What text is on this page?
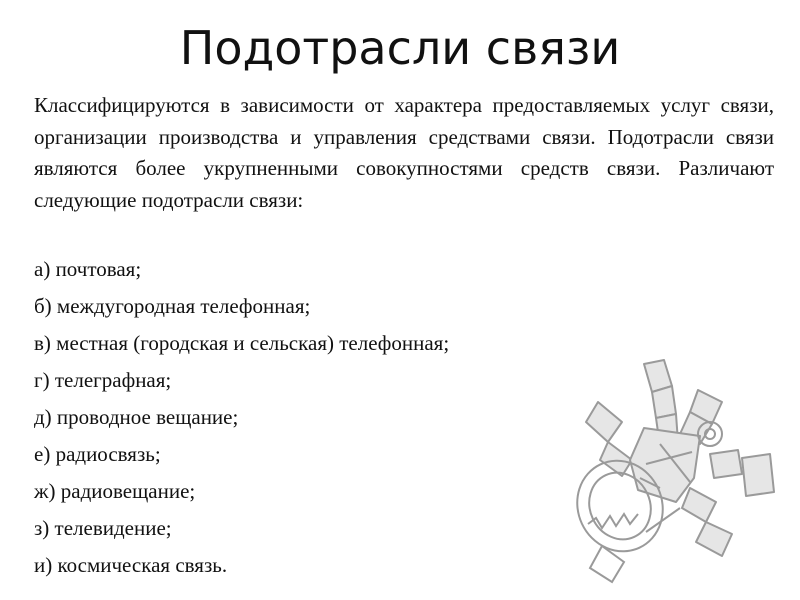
Подотрасли связи

Классифицируются в зависимости от характера предоставляемых услуг связи, организации производства и управления средствами связи. Подотрасли связи являются более укрупненными совокупностями средств связи. Различают следующие подотрасли связи:

а) почтовая;
б) междугородная телефонная;
в) местная (городская и сельская) телефонная;
г) телеграфная;
д) проводное вещание;
е) радиосвязь;
ж) радиовещание;
з) телевидение;
и) космическая связь.
